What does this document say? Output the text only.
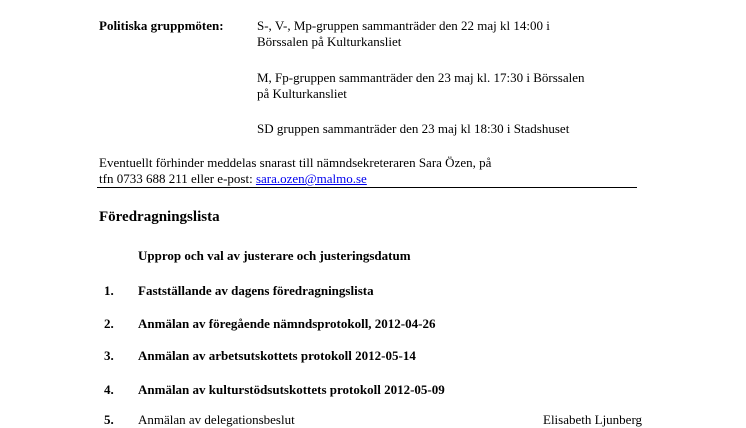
Politiska gruppmöten:	S-, V-, Mp-gruppen sammanträder den 22 maj kl 14:00 i
Börssalen på Kulturkansliet
M, Fp-gruppen sammanträder den 23 maj kl. 17:30 i Börssalen
på Kulturkansliet
SD gruppen sammanträder den 23 maj kl 18:30 i Stadshuset
Eventuellt förhinder meddelas snarast till nämndsekreteraren Sara Özen, på
tfn 0733 688 211 eller e-post: sara.ozen@malmo.se
Föredragningslista
Upprop och val av justerare och justeringsdatum
1. Fastställande av dagens föredragningslista
2. Anmälan av föregående nämndsprotokoll, 2012-04-26
3. Anmälan av arbetsutskottets protokoll 2012-05-14
4. Anmälan av kulturstödsutskottets protokoll 2012-05-09
5. Anmälan av delegationsbeslut	Elisabeth Ljunberg
